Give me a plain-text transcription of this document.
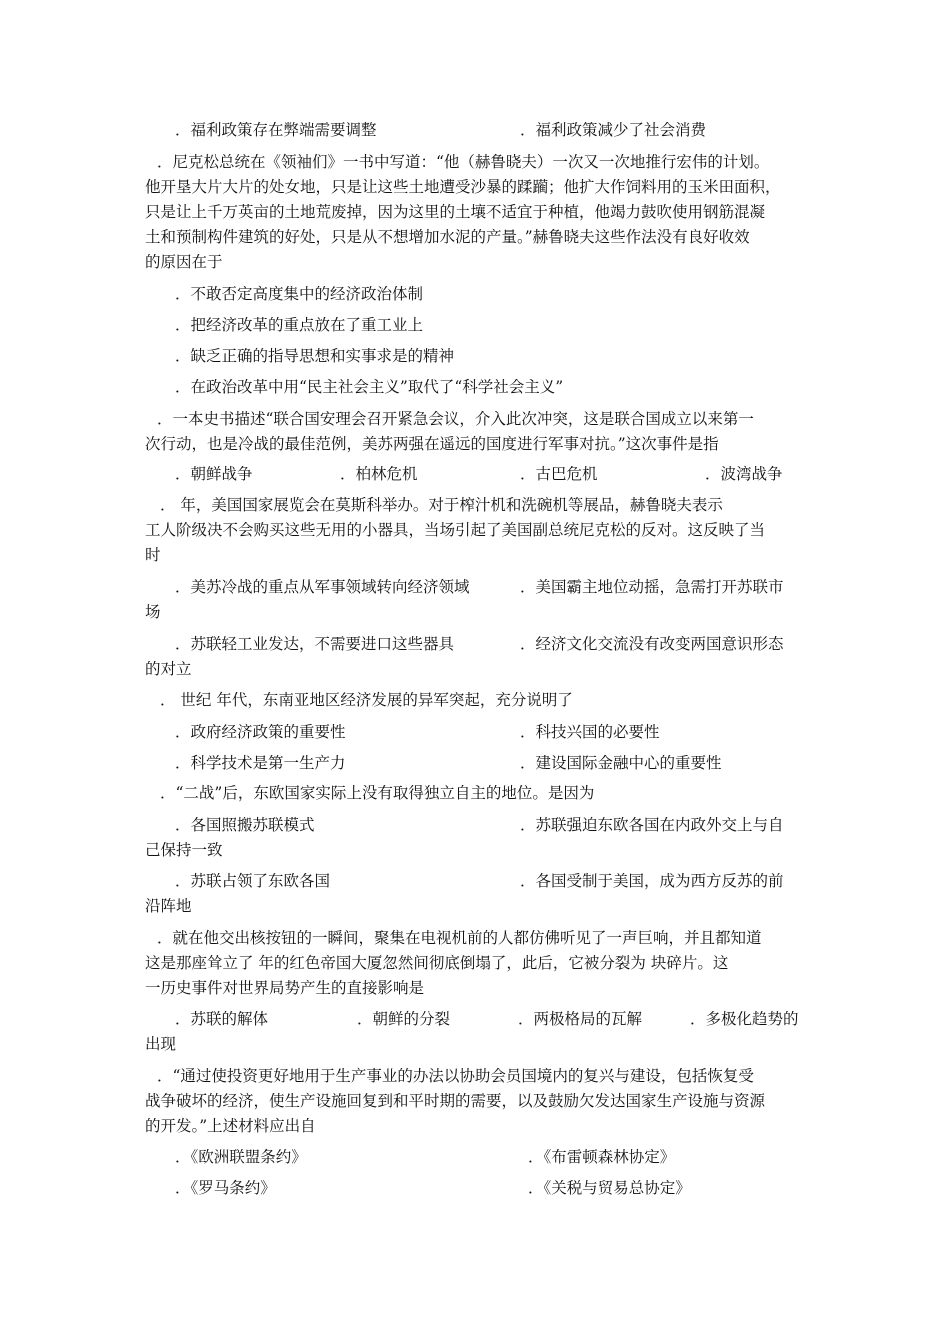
．福利政策存在弊端需要调整	．福利政策减少了社会消费
．尼克松总统在《领袖们》一书中写道：“他（赫鲁晓夫）一次又一次地推行宏伟的计划。
他开垦大片大片的处女地，只是让这些土地遭受沙暴的蹂躏；他扩大作饲料用的玉米田面积，
只是让上千万英亩的土地荒废掉，因为这里的土壤不适宜于种植，他竭力鼓吹使用钢筋混凝
土和预制构件建筑的好处，只是从不想增加水泥的产量。”赫鲁晓夫这些作法没有良好收效
的原因在于
．不敢否定高度集中的经济政治体制
．把经济改革的重点放在了重工业上
．缺乏正确的指导思想和实事求是的精神
．在政治改革中用“民主社会主义”取代了“科学社会主义”
．一本史书描述“联合国安理会召开紧急会议，介入此次冲突，这是联合国成立以来第一
次行动，也是冷战的最佳范例，美苏两强在遥远的国度进行军事对抗。”这次事件是指
．朝鲜战争	．柏林危机	．古巴危机	．波湾战争
． 年，美国国家展览会在莫斯科举办。对于榨汁机和洗碗机等展品，赫鲁晓夫表示
工人阶级决不会购买这些无用的小器具，当场引起了美国副总统尼克松的反对。这反映了当
时
．美苏冷战的重点从军事领域转向经济领域	．美国霸主地位动摇，急需打开苏联市
场
．苏联轻工业发达，不需要进口这些器具	．经济文化交流没有改变两国意识形态
的对立
． 世纪 年代，东南亚地区经济发展的异军突起，充分说明了
．政府经济政策的重要性	．科技兴国的必要性
．科学技术是第一生产力	．建设国际金融中心的重要性
．“二战”后，东欧国家实际上没有取得独立自主的地位。是因为
．各国照搬苏联模式	．苏联强迫东欧各国在内政外交上与自
己保持一致
．苏联占领了东欧各国	．各国受制于美国，成为西方反苏的前
沿阵地
．就在他交出核按钮的一瞬间，聚集在电视机前的人都仿佛听见了一声巨响，并且都知道
这是那座耸立了 年的红色帝国大厦忽然间彻底倒塌了，此后，它被分裂为 块碎片。这
一历史事件对世界局势产生的直接影响是
．苏联的解体	．朝鲜的分裂	．两极格局的瓦解	．多极化趋势的
出现
．“通过使投资更好地用于生产事业的办法以协助会员国境内的复兴与建设，包括恢复受
战争破坏的经济，使生产设施回复到和平时期的需要，以及鼓励欠发达国家生产设施与资源
的开发。”上述材料应出自
．《欧洲联盟条约》	．《布雷顿森林协定》
．《罗马条约》	．《关税与贸易总协定》
